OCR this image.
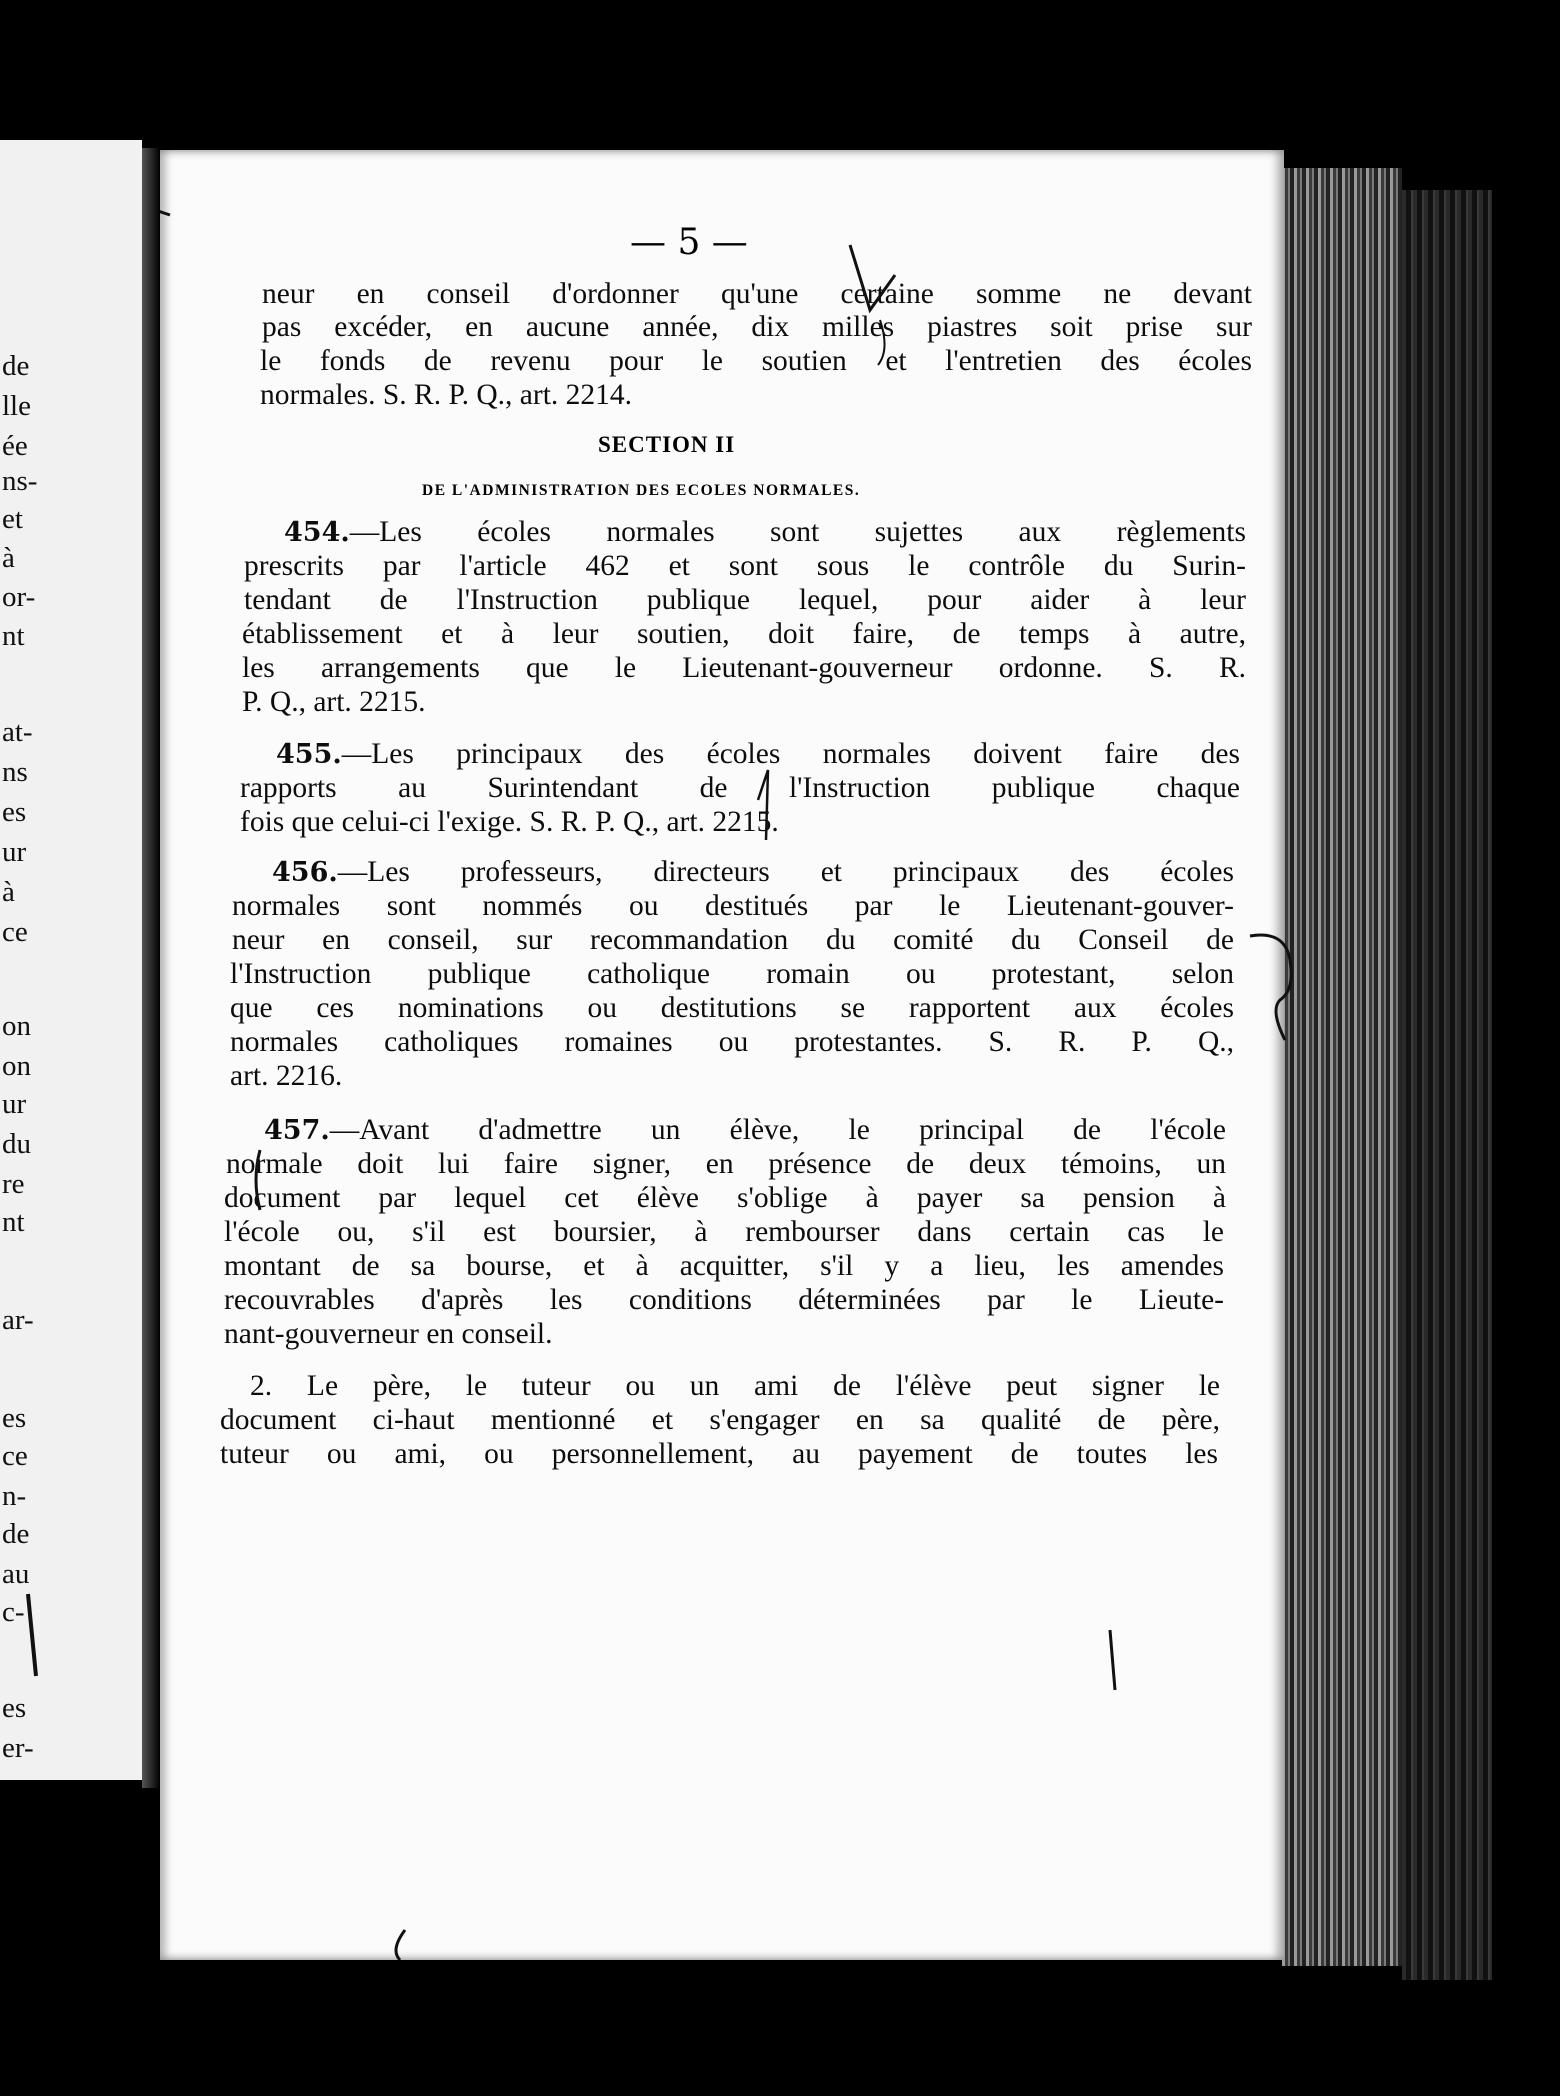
de
lle
ée
ns-
et
à
or-
nt
at-
ns
es
ur
à
ce
on
on
ur
du
re
nt
ar-
es
ce
n-
de
au
c-
es
er-
— 5 —
neur en conseil d'ordonner qu'une certaine somme ne devant
pas excéder, en aucune année, dix milles piastres soit prise sur
le fonds de revenu pour le soutien et l'entretien des écoles
normales. S. R. P. Q., art. 2214.
SECTION II
DE L'ADMINISTRATION DES ECOLES NORMALES.
454.—Les écoles normales sont sujettes aux règlements
prescrits par l'article 462 et sont sous le contrôle du Surin-
tendant de l'Instruction publique lequel, pour aider à leur
établissement et à leur soutien, doit faire, de temps à autre,
les arrangements que le Lieutenant-gouverneur ordonne. S. R.
P. Q., art. 2215.
455.—Les principaux des écoles normales doivent faire des
rapports au Surintendant de l'Instruction publique chaque
fois que celui-ci l'exige. S. R. P. Q., art. 2215.
456.—Les professeurs, directeurs et principaux des écoles
normales sont nommés ou destitués par le Lieutenant-gouver-
neur en conseil, sur recommandation du comité du Conseil de
l'Instruction publique catholique romain ou protestant, selon
que ces nominations ou destitutions se rapportent aux écoles
normales catholiques romaines ou protestantes. S. R. P. Q.,
art. 2216.
457.—Avant d'admettre un élève, le principal de l'école
normale doit lui faire signer, en présence de deux témoins, un
document par lequel cet élève s'oblige à payer sa pension à
l'école ou, s'il est boursier, à rembourser dans certain cas le
montant de sa bourse, et à acquitter, s'il y a lieu, les amendes
recouvrables d'après les conditions déterminées par le Lieute-
nant-gouverneur en conseil.
2. Le père, le tuteur ou un ami de l'élève peut signer le
document ci-haut mentionné et s'engager en sa qualité de père,
tuteur ou ami, ou personnellement, au payement de toutes les
